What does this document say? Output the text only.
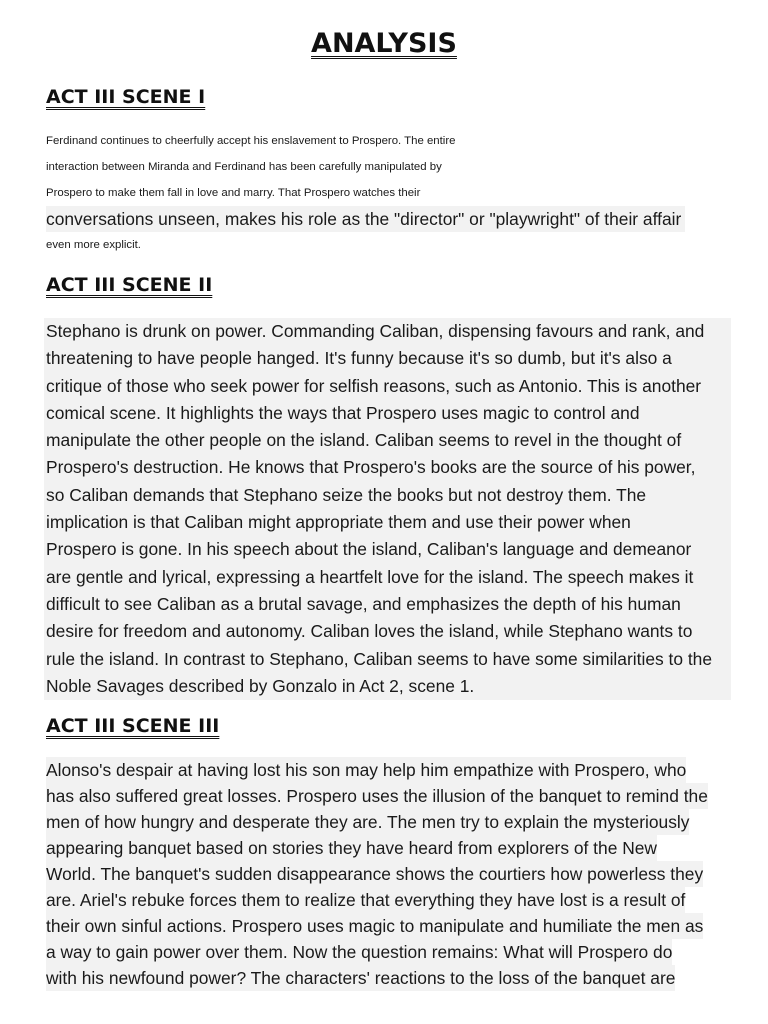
ANALYSIS
ACT III SCENE I
Ferdinand continues to cheerfully accept his enslavement to Prospero. The entire
interaction between Miranda and Ferdinand has been carefully manipulated by
Prospero to make them fall in love and marry. That Prospero watches their
conversations unseen, makes his role as the "director" or "playwright" of their affair
even more explicit.
ACT III SCENE II
Stephano is drunk on power. Commanding Caliban, dispensing favours and rank, and
threatening to have people hanged. It's funny because it's so dumb, but it's also a
critique of those who seek power for selfish reasons, such as Antonio. This is another
comical scene. It highlights the ways that Prospero uses magic to control and
manipulate the other people on the island. Caliban seems to revel in the thought of
Prospero's destruction. He knows that Prospero's books are the source of his power,
so Caliban demands that Stephano seize the books but not destroy them. The
implication is that Caliban might appropriate them and use their power when
Prospero is gone. In his speech about the island, Caliban's language and demeanor
are gentle and lyrical, expressing a heartfelt love for the island. The speech makes it
difficult to see Caliban as a brutal savage, and emphasizes the depth of his human
desire for freedom and autonomy. Caliban loves the island, while Stephano wants to
rule the island. In contrast to Stephano, Caliban seems to have some similarities to the
Noble Savages described by Gonzalo in Act 2, scene 1.
ACT III SCENE III
Alonso's despair at having lost his son may help him empathize with Prospero, who has also suffered great losses. Prospero uses the illusion of the banquet to remind the men of how hungry and desperate they are. The men try to explain the mysteriously appearing banquet based on stories they have heard from explorers of the New World. The banquet's sudden disappearance shows the courtiers how powerless they are. Ariel's rebuke forces them to realize that everything they have lost is a result of their own sinful actions. Prospero uses magic to manipulate and humiliate the men as a way to gain power over them. Now the question remains: What will Prospero do with his newfound power? The characters' reactions to the loss of the banquet are
